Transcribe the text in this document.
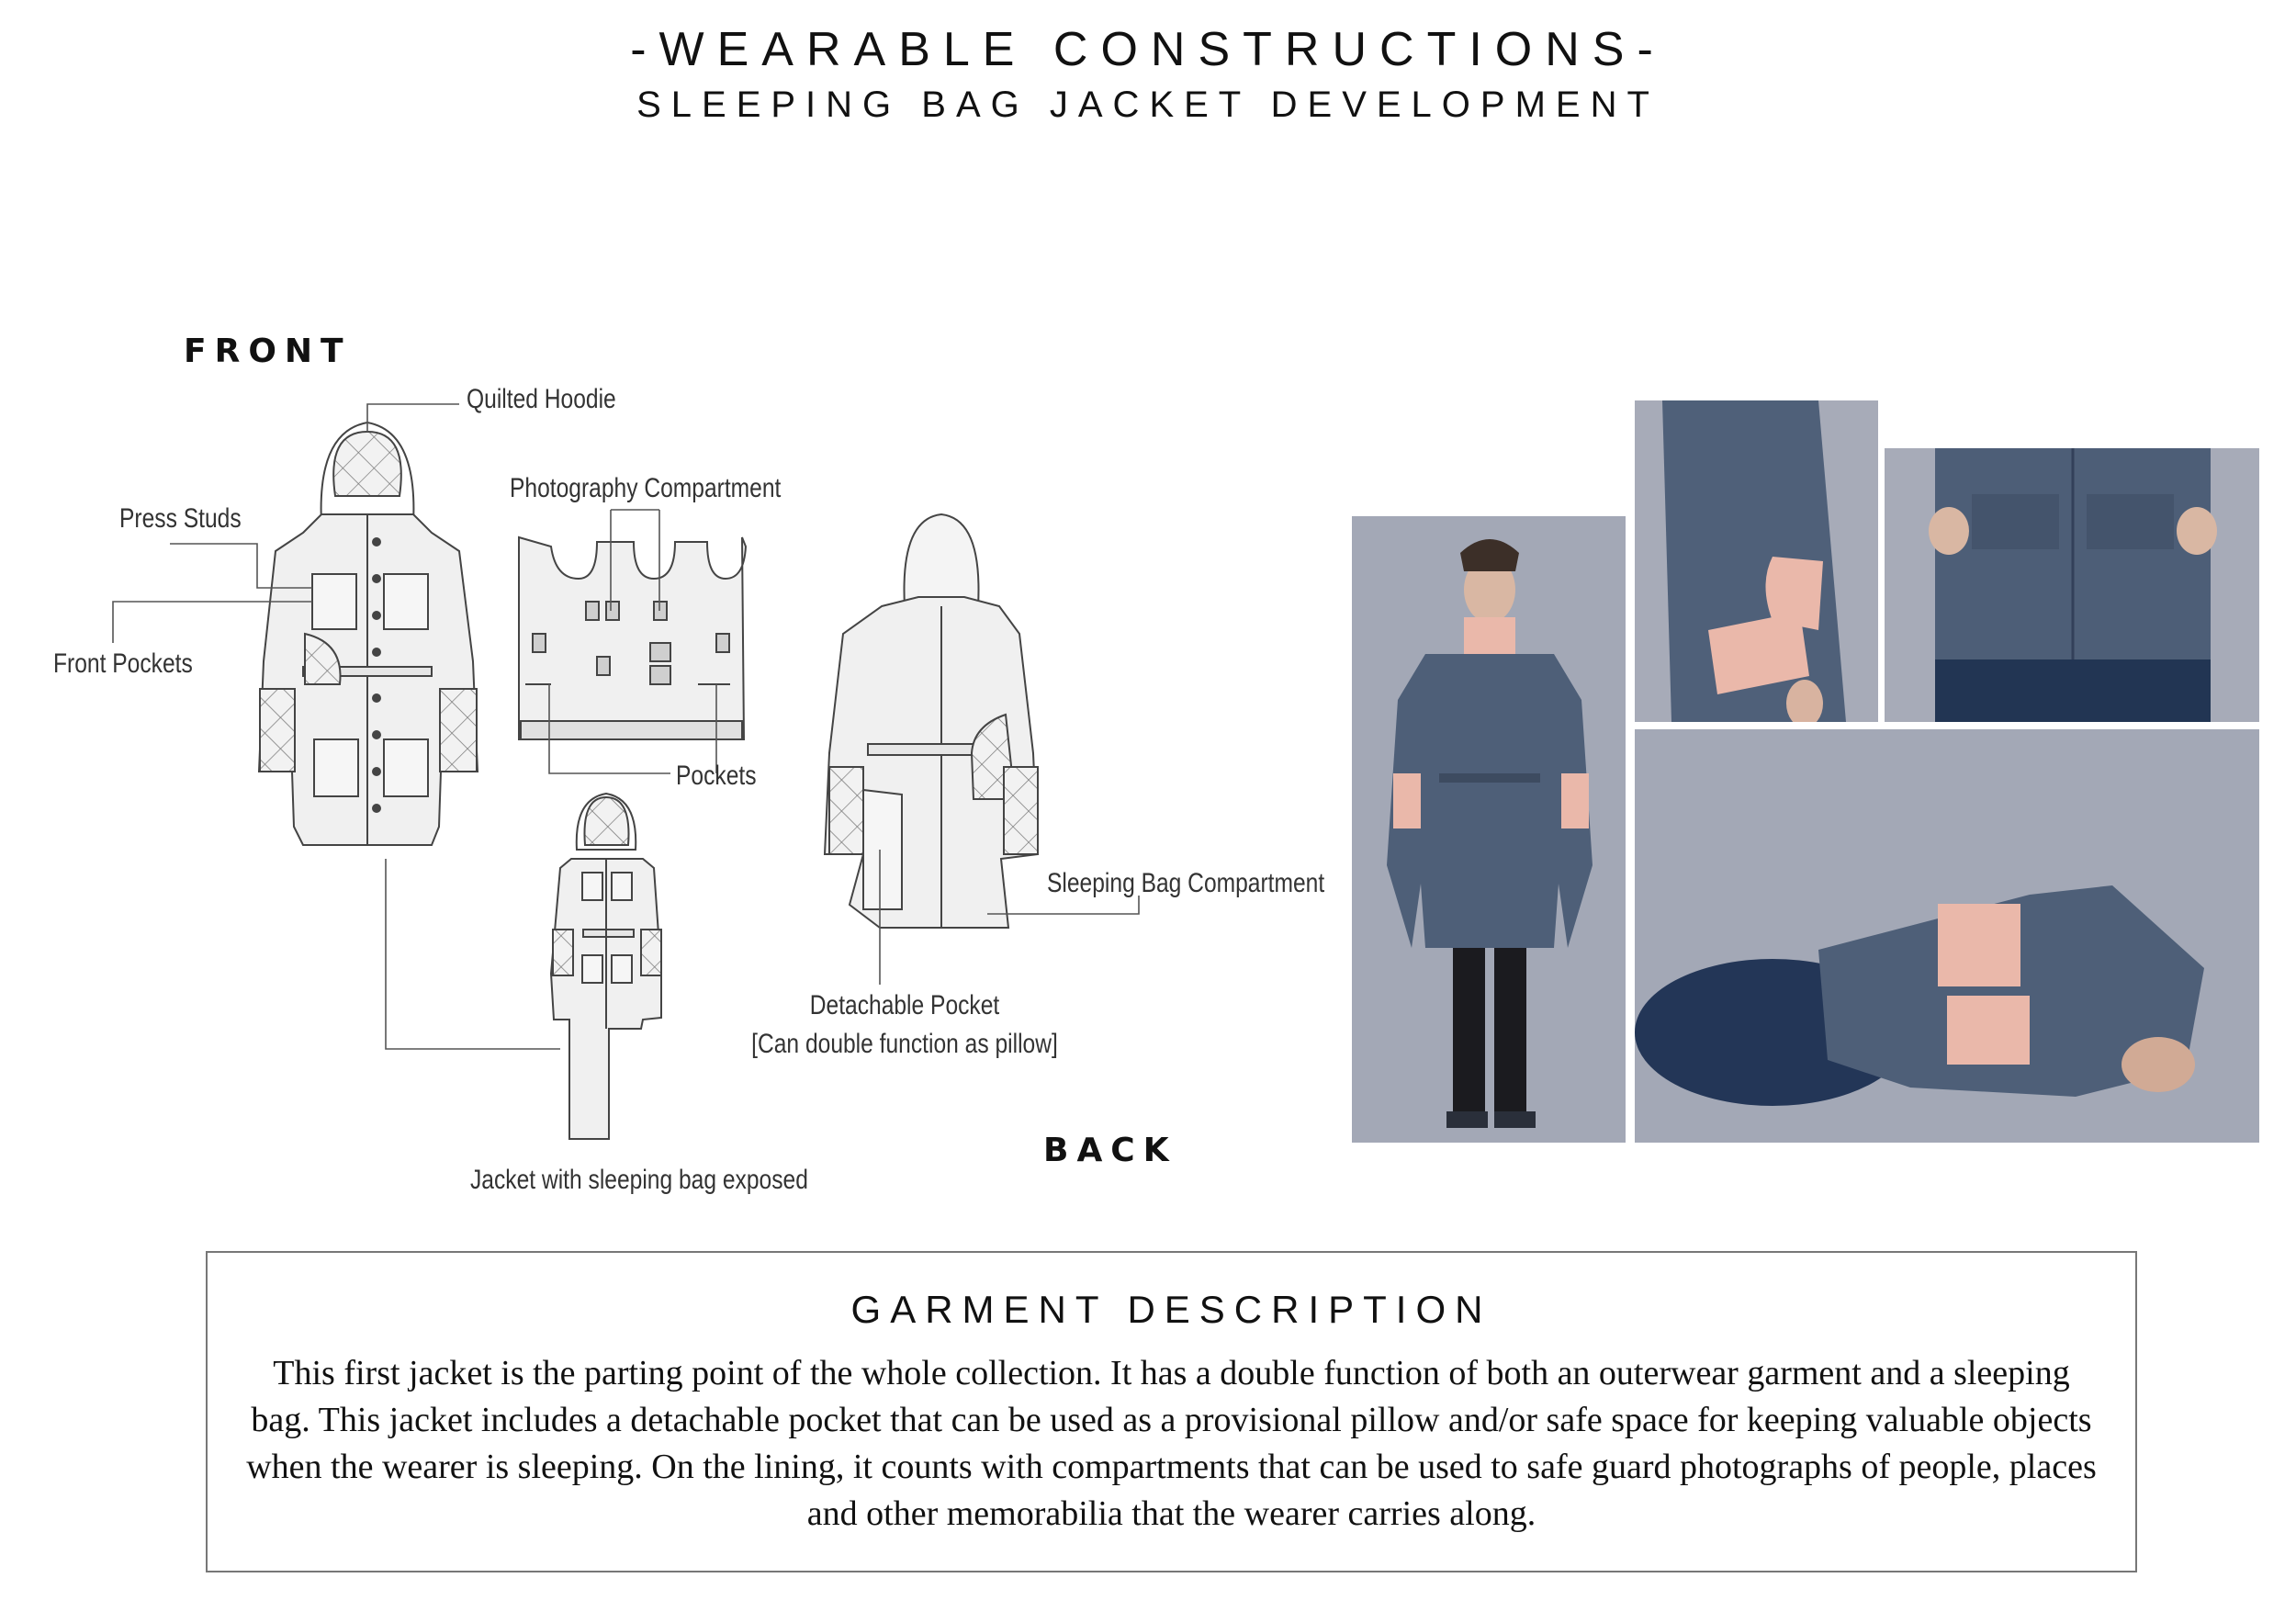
-WEARABLE CONSTRUCTIONS-
SLEEPING BAG JACKET DEVELOPMENT
FRONT
BACK
Quilted Hoodie
Press Studs
Front Pockets
Photography Compartment
Pockets
Sleeping Bag Compartment
Detachable Pocket
[Can double function as pillow]
Jacket with sleeping bag exposed
GARMENT DESCRIPTION
This first jacket is the parting point of the whole collection. It has a double function of both an outerwear garment and a sleeping bag. This jacket includes a detachable pocket that can be used as a provisional pillow and/or safe space for keeping valuable objects when the wearer is sleeping. On the lining, it counts with compartments that can be used to safe guard photographs of people, places and other memorabilia that the wearer carries along.
